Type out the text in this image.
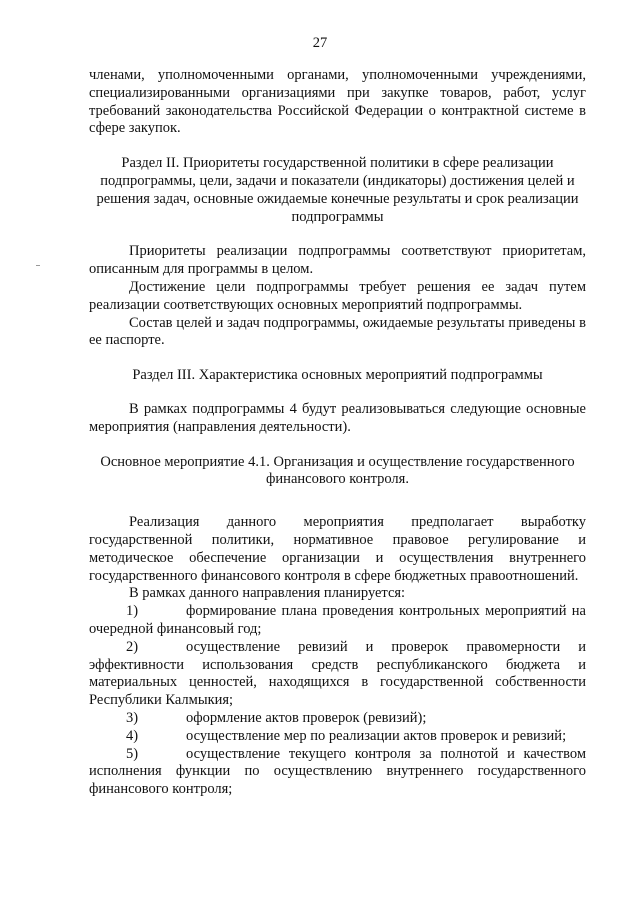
27

членами, уполномоченными органами, уполномоченными учреждениями, специализированными организациями при закупке товаров, работ, услуг требований законодательства Российской Федерации о контрактной системе в сфере закупок.

Раздел II. Приоритеты государственной политики в сфере реализации подпрограммы, цели, задачи и показатели (индикаторы) достижения целей и решения задач, основные ожидаемые конечные результаты и срок реализации подпрограммы

Приоритеты реализации подпрограммы соответствуют приоритетам, описанным для программы в целом.

Достижение цели подпрограммы требует решения ее задач путем реализации соответствующих основных мероприятий подпрограммы.

Состав целей и задач подпрограммы, ожидаемые результаты приведены в ее паспорте.

Раздел III. Характеристика основных мероприятий подпрограммы

В рамках подпрограммы 4 будут реализовываться следующие основные мероприятия (направления деятельности).

Основное мероприятие 4.1. Организация и осуществление государственного финансового контроля.

Реализация данного мероприятия предполагает выработку государственной политики, нормативное правовое регулирование и методическое обеспечение организации и осуществления внутреннего государственного финансового контроля в сфере бюджетных правоотношений.

В рамках данного направления планируется:

1)	формирование плана проведения контрольных мероприятий на

очередной финансовый год;

2)	осуществление ревизий и проверок правомерности и

эффективности использования средств республиканского бюджета и материальных ценностей, находящихся в государственной собственности Республики Калмыкия;

3)	оформление актов проверок (ревизий);
4)	осуществление мер по реализации актов проверок и ревизий;
5)	осуществление текущего контроля за полнотой и качеством

исполнения функции по осуществлению внутреннего государственного финансового контроля;
